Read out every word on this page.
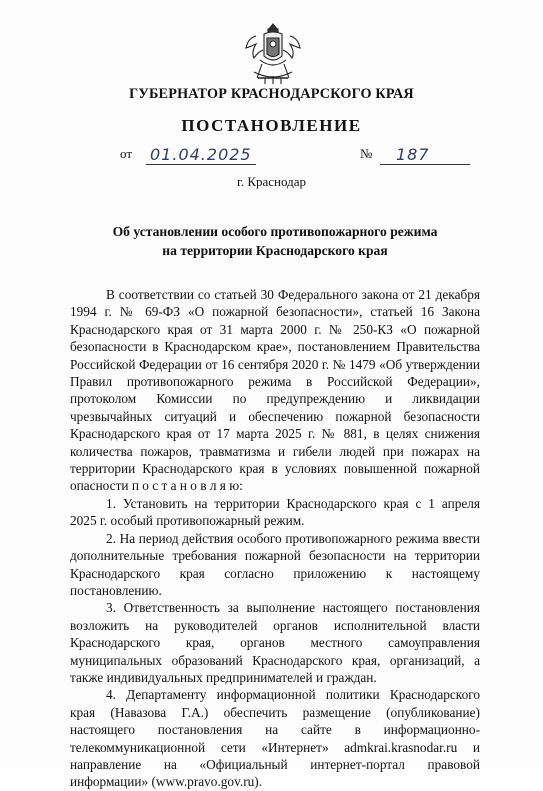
ГУБЕРНАТОР КРАСНОДАРСКОГО КРАЯ
ПОСТАНОВЛЕНИЕ
от	01.04.2025	№ 187
г. Краснодар
Об установлении особого противопожарного режима
на территории Краснодарского края

В соответствии со статьей 30 Федерального закона от 21 декабря 1994 г. № 69-ФЗ «О пожарной безопасности», статьей 16 Закона Краснодарского края от 31 марта 2000 г. № 250-КЗ «О пожарной безопасности в Краснодарском крае», постановлением Правительства Российской Федерации от 16 сентября 2020 г. № 1479 «Об утверждении Правил противопожарного режима в Российской Федерации», протоколом Комиссии по предупреждению и ликвидации чрезвычайных ситуаций и обеспечению пожарной безопасности Краснодарского края от 17 марта 2025 г. № 881, в целях снижения количества пожаров, травматизма и гибели людей при пожарах на территории Краснодарского края в условиях повышенной пожарной опасности п о с т а н о в л я ю:

1. Установить на территории Краснодарского края с 1 апреля 2025 г. особый противопожарный режим.

2. На период действия особого противопожарного режима ввести дополнительные требования пожарной безопасности на территории Краснодарского края согласно приложению к настоящему постановлению.

3. Ответственность за выполнение настоящего постановления возложить на руководителей органов исполнительной власти Краснодарского края, органов местного самоуправления муниципальных образований Краснодарского края, организаций, а также индивидуальных предпринимателей и граждан.

4. Департаменту информационной политики Краснодарского края (Навазова Г.А.) обеспечить размещение (опубликование) настоящего постановления на сайте в информационно-телекоммуникационной сети «Интернет» admkrai.krasnodar.ru и направление на «Официальный интернет-портал правовой информации» (www.pravo.gov.ru).
